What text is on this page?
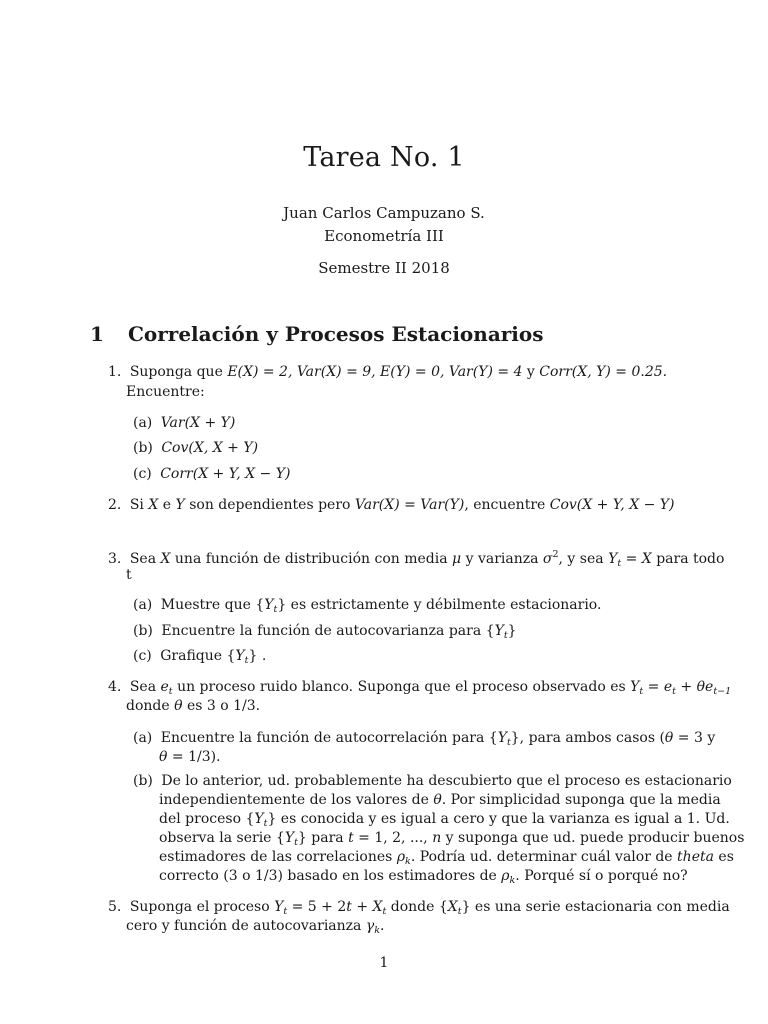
Tarea No. 1
Juan Carlos Campuzano S.
Econometría III
Semestre II 2018
1 Correlación y Procesos Estacionarios
1. Suponga que E(X) = 2, Var(X) = 9, E(Y) = 0, Var(Y) = 4 y Corr(X, Y) = 0.25.
Encuentre:
(a) Var(X + Y)
(b) Cov(X, X + Y)
(c) Corr(X + Y, X − Y)
2. Si X e Y son dependientes pero Var(X) = Var(Y), encuentre Cov(X + Y, X − Y)
3. Sea X una función de distribución con media μ y varianza $\sigma^2$, y sea $Y_t = X$ para todo
t
(a) Muestre que $\{Y_t\}$ es estrictamente y débilmente estacionario.
(b) Encuentre la función de autocovarianza para $\{Y_t\}$
(c) Grafique $\{Y_t\}$ .
4. Sea $e_t$ un proceso ruido blanco. Suponga que el proceso observado es $Y_t = e_t + \theta e_{t-1}$
donde θ es 3 o 1/3.
(a) Encuentre la función de autocorrelación para $\{Y_t\}$, para ambos casos (θ = 3 y
θ = 1/3).
(b) De lo anterior, ud. probablemente ha descubierto que el proceso es estacionario
independientemente de los valores de θ. Por simplicidad suponga que la media
del proceso $\{Y_t\}$ es conocida y es igual a cero y que la varianza es igual a 1. Ud.
observa la serie $\{Y_t\}$ para t = 1, 2, ..., n y suponga que ud. puede producir buenos
estimadores de las correlaciones $\rho_k$. Podría ud. determinar cuál valor de theta es
correcto (3 o 1/3) basado en los estimadores de $\rho_k$. Porqué sí o porqué no?
5. Suponga el proceso $Y_t = 5 + 2t + X_t$ donde $\{X_t\}$ es una serie estacionaria con media
cero y función de autocovarianza $\gamma_k$.
1
